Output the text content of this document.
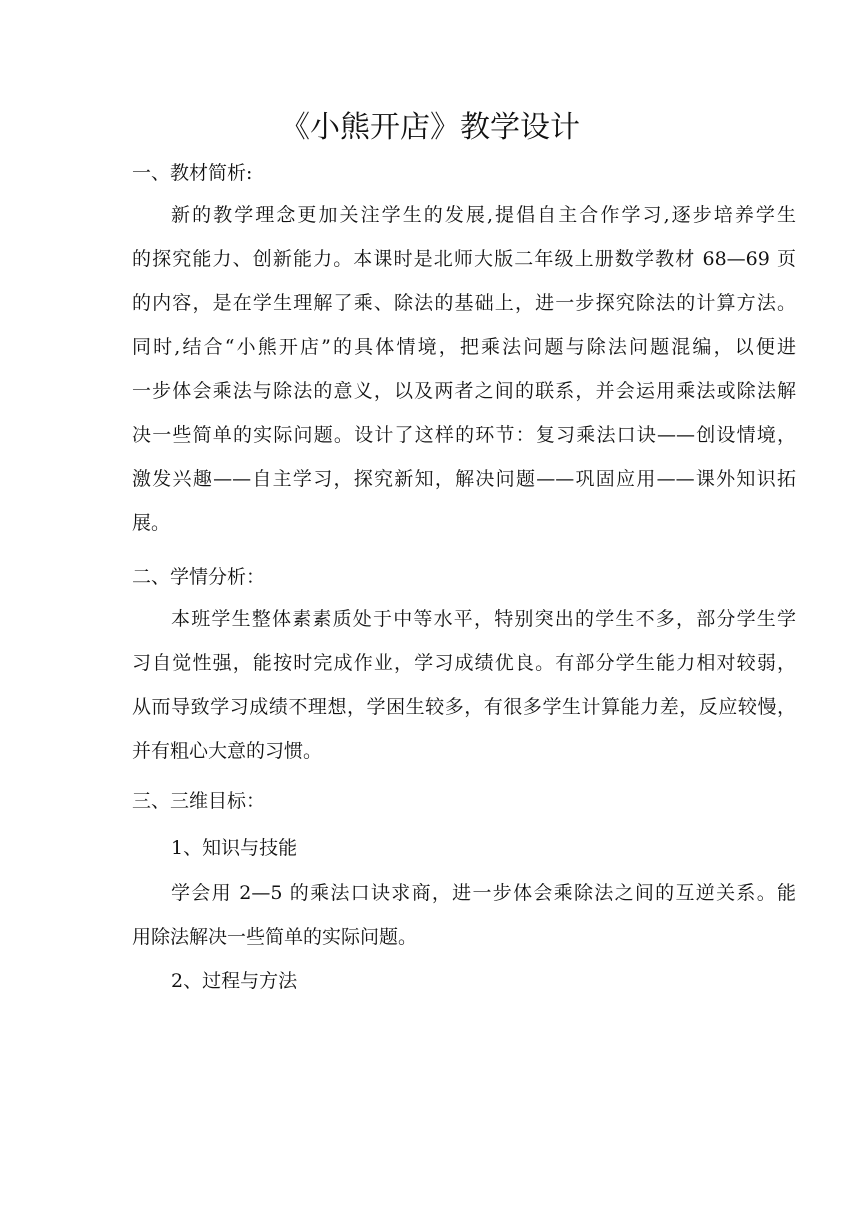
《小熊开店》教学设计

一、教材简析:

新的教学理念更加关注学生的发展,提倡自主合作学习,逐步培养学生

的探究能力、创新能力。本课时是北师大版二年级上册数学教材 68—69 页

的内容，是在学生理解了乘、除法的基础上，进一步探究除法的计算方法。

同时,结合“小熊开店”的具体情境，把乘法问题与除法问题混编，以便进

一步体会乘法与除法的意义，以及两者之间的联系，并会运用乘法或除法解

决一些简单的实际问题。设计了这样的环节：复习乘法口诀——创设情境，

激发兴趣——自主学习，探究新知，解决问题——巩固应用——课外知识拓

展。

二、学情分析：

本班学生整体素素质处于中等水平，特别突出的学生不多，部分学生学

习自觉性强，能按时完成作业，学习成绩优良。有部分学生能力相对较弱，

从而导致学习成绩不理想，学困生较多，有很多学生计算能力差，反应较慢，

并有粗心大意的习惯。

三、三维目标：

1、知识与技能

学会用 2—5 的乘法口诀求商，进一步体会乘除法之间的互逆关系。能

用除法解决一些简单的实际问题。

2、过程与方法
